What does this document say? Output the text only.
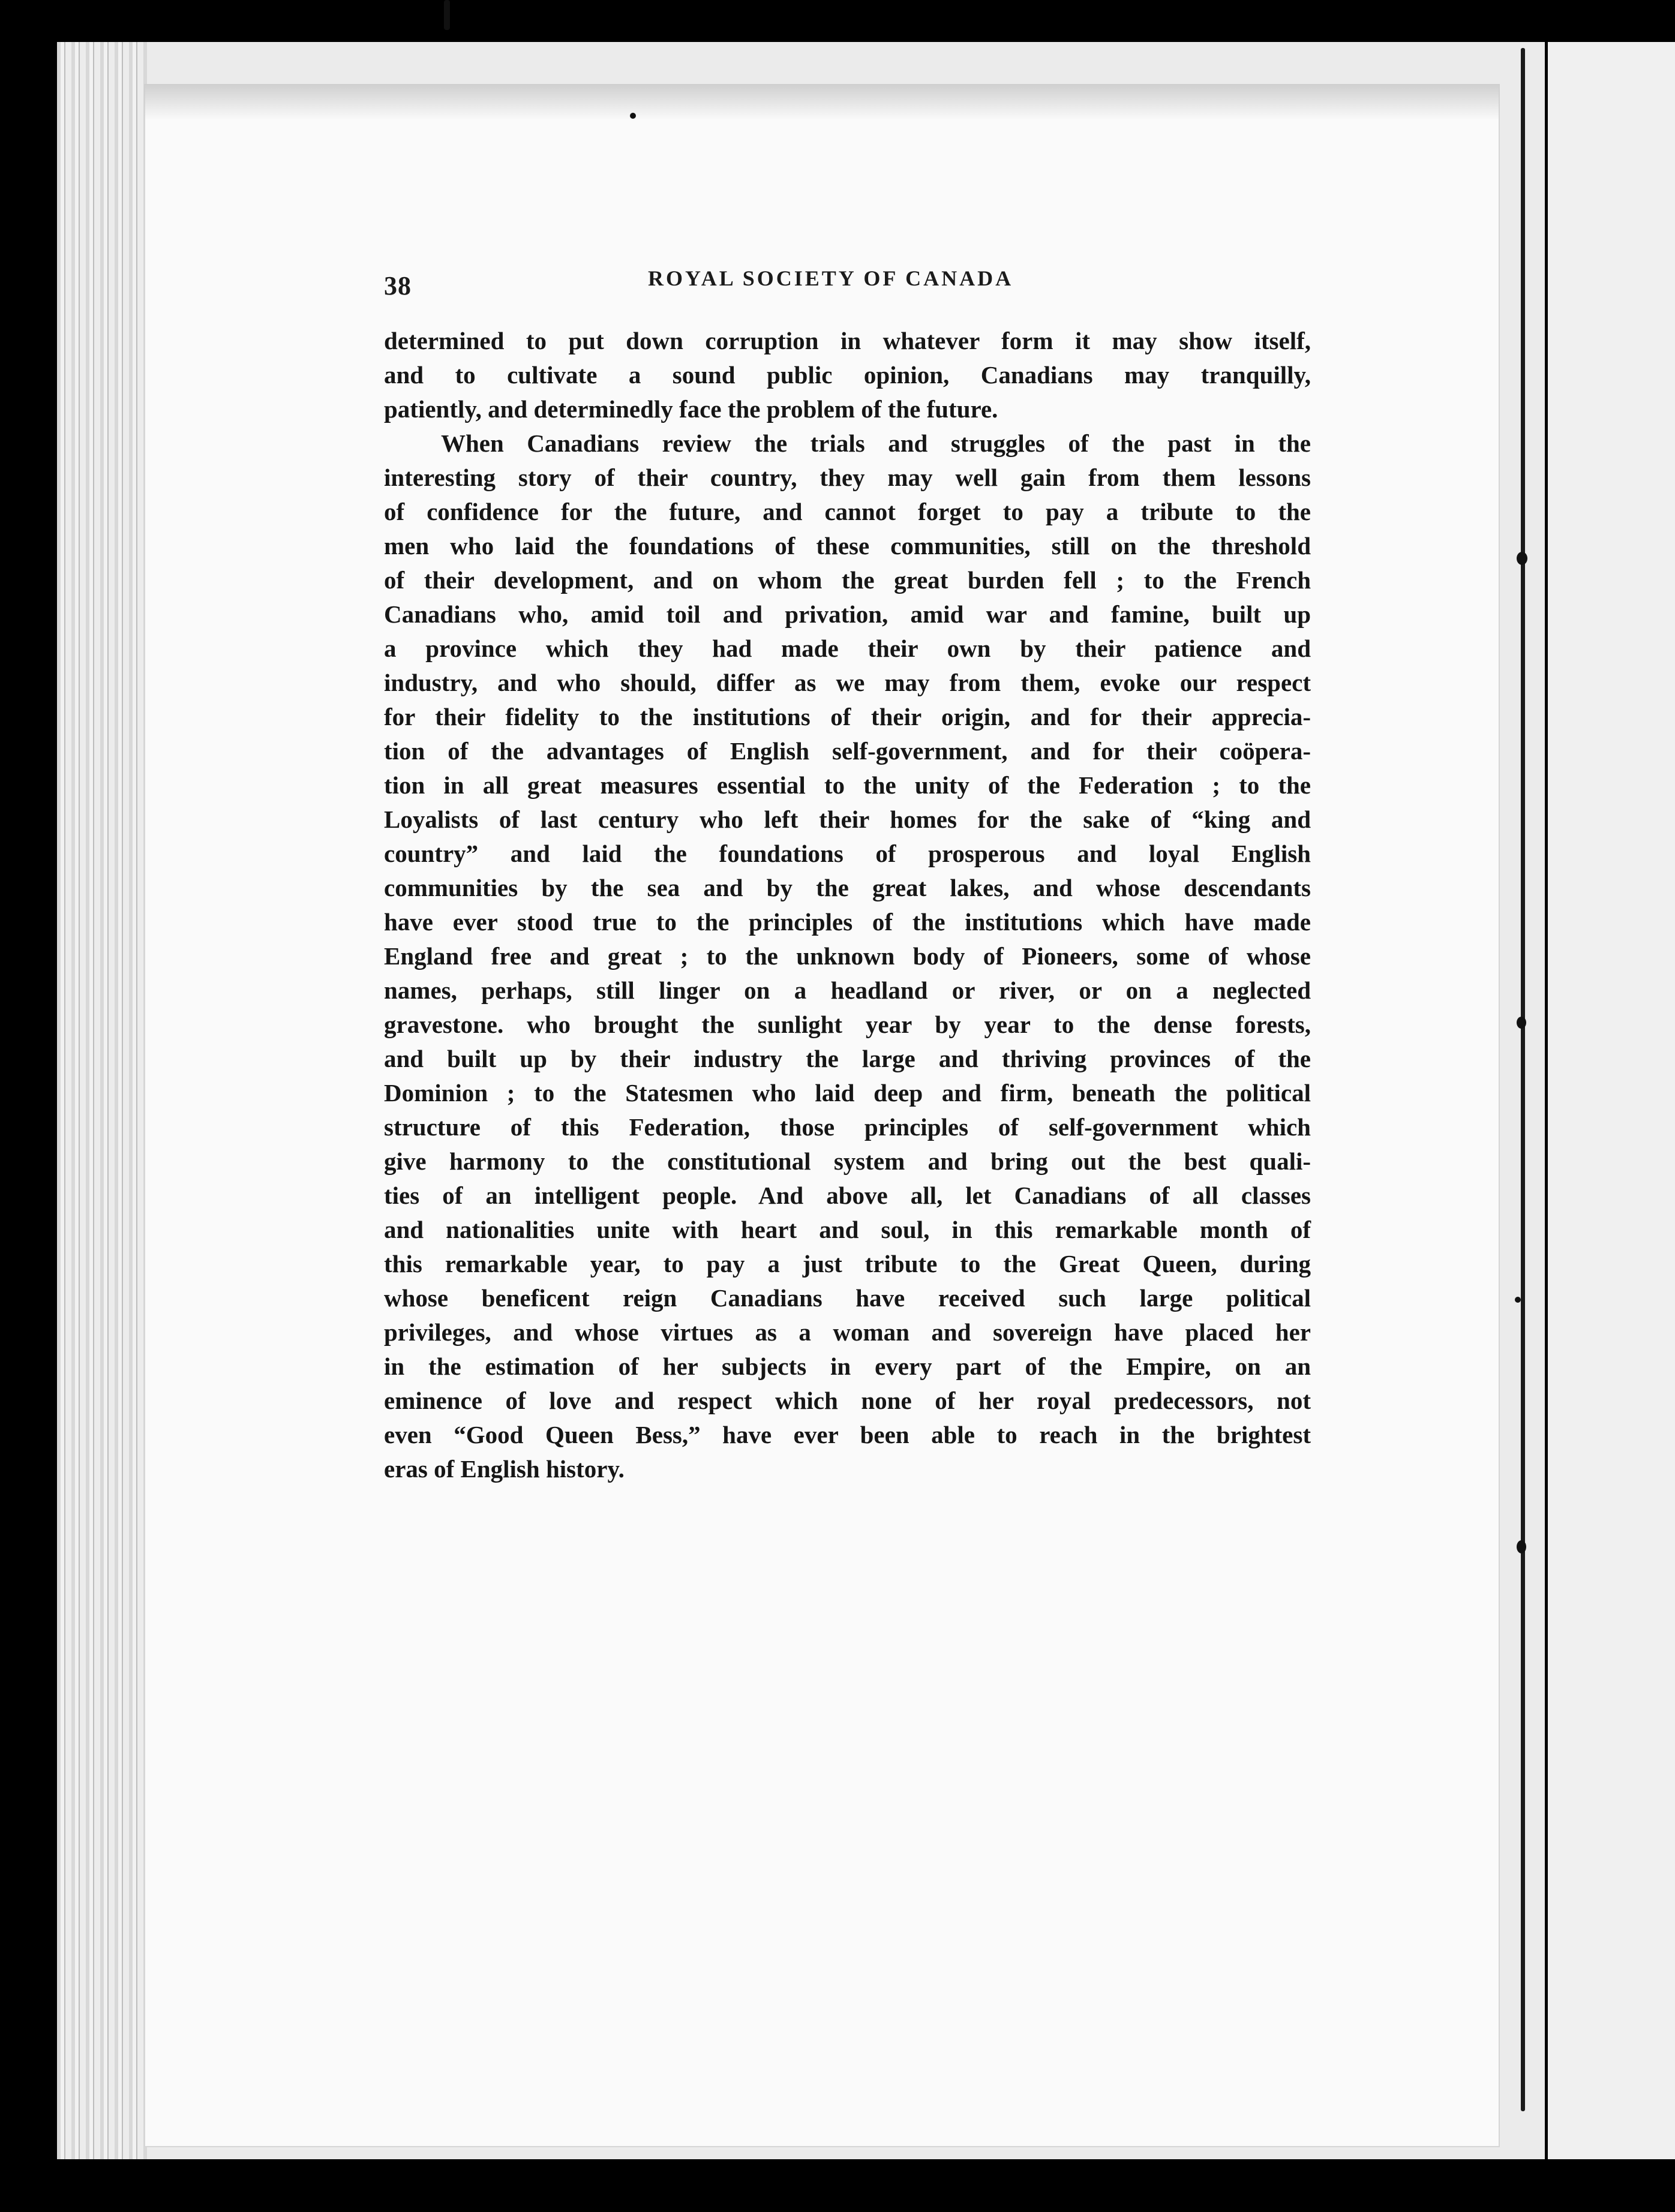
38	ROYAL SOCIETY OF CANADA
determined to put down corruption in whatever form it may show itself,
and to cultivate a sound public opinion, Canadians may tranquilly,
patiently, and determinedly face the problem of the future.
When Canadians review the trials and struggles of the past in the
interesting story of their country, they may well gain from them lessons
of confidence for the future, and cannot forget to pay a tribute to the
men who laid the foundations of these communities, still on the threshold
of their development, and on whom the great burden fell ; to the French
Canadians who, amid toil and privation, amid war and famine, built up
a province which they had made their own by their patience and
industry, and who should, differ as we may from them, evoke our respect
for their fidelity to the institutions of their origin, and for their apprecia-
tion of the advantages of English self-government, and for their coöpera-
tion in all great measures essential to the unity of the Federation ; to the
Loyalists of last century who left their homes for the sake of “king and
country” and laid the foundations of prosperous and loyal English
communities by the sea and by the great lakes, and whose descendants
have ever stood true to the principles of the institutions which have made
England free and great ; to the unknown body of Pioneers, some of whose
names, perhaps, still linger on a headland or river, or on a neglected
gravestone. who brought the sunlight year by year to the dense forests,
and built up by their industry the large and thriving provinces of the
Dominion ; to the Statesmen who laid deep and firm, beneath the political
structure of this Federation, those principles of self-government which
give harmony to the constitutional system and bring out the best quali-
ties of an intelligent people. And above all, let Canadians of all classes
and nationalities unite with heart and soul, in this remarkable month of
this remarkable year, to pay a just tribute to the Great Queen, during
whose beneficent reign Canadians have received such large political
privileges, and whose virtues as a woman and sovereign have placed her
in the estimation of her subjects in every part of the Empire, on an
eminence of love and respect which none of her royal predecessors, not
even “Good Queen Bess,” have ever been able to reach in the brightest
eras of English history.
